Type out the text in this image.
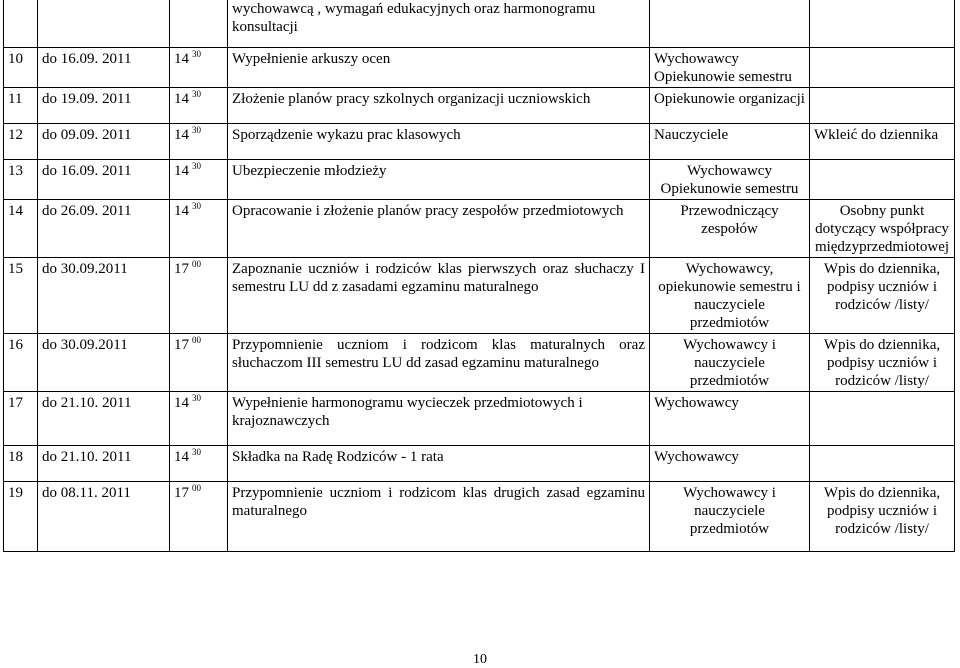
			wychowawcą , wymagań edukacyjnych oraz harmonogramu konsultacji		
10	do 16.09. 2011	14 $^{30}$	Wypełnienie arkuszy ocen	Wychowawcy Opiekunowie semestru	
11	do 19.09. 2011	14 $^{30}$	Złożenie planów pracy szkolnych organizacji uczniowskich	Opiekunowie organizacji	
12	do 09.09. 2011	14 $^{30}$	Sporządzenie wykazu prac klasowych	Nauczyciele	Wkleić do dziennika
13	do 16.09. 2011	14 $^{30}$	Ubezpieczenie młodzieży	Wychowawcy Opiekunowie semestru	
14	do 26.09. 2011	14 $^{30}$	Opracowanie i złożenie planów pracy zespołów przedmiotowych	Przewodniczący zespołów	Osobny punkt dotyczący współpracy międzyprzedmiotowej
15	do 30.09.2011	17 $^{00}$	Zapoznanie uczniów i rodziców klas pierwszych oraz słuchaczy I semestru LU dd z zasadami egzaminu maturalnego	Wychowawcy, opiekunowie semestru i nauczyciele przedmiotów	Wpis do dziennika, podpisy uczniów i rodziców /listy/
16	do 30.09.2011	17 $^{00}$	Przypomnienie uczniom i rodzicom klas maturalnych oraz słuchaczom III semestru LU dd zasad egzaminu maturalnego	Wychowawcy i nauczyciele przedmiotów	Wpis do dziennika, podpisy uczniów i rodziców /listy/
17	do 21.10. 2011	14 $^{30}$	Wypełnienie harmonogramu wycieczek przedmiotowych i krajoznawczych	Wychowawcy	
18	do 21.10. 2011	14 $^{30}$	Składka na Radę Rodziców - 1 rata	Wychowawcy	
19	do 08.11. 2011	17 $^{00}$	Przypomnienie uczniom i rodzicom klas drugich zasad egzaminu maturalnego	Wychowawcy i nauczyciele przedmiotów	Wpis do dziennika, podpisy uczniów i rodziców /listy/
10
